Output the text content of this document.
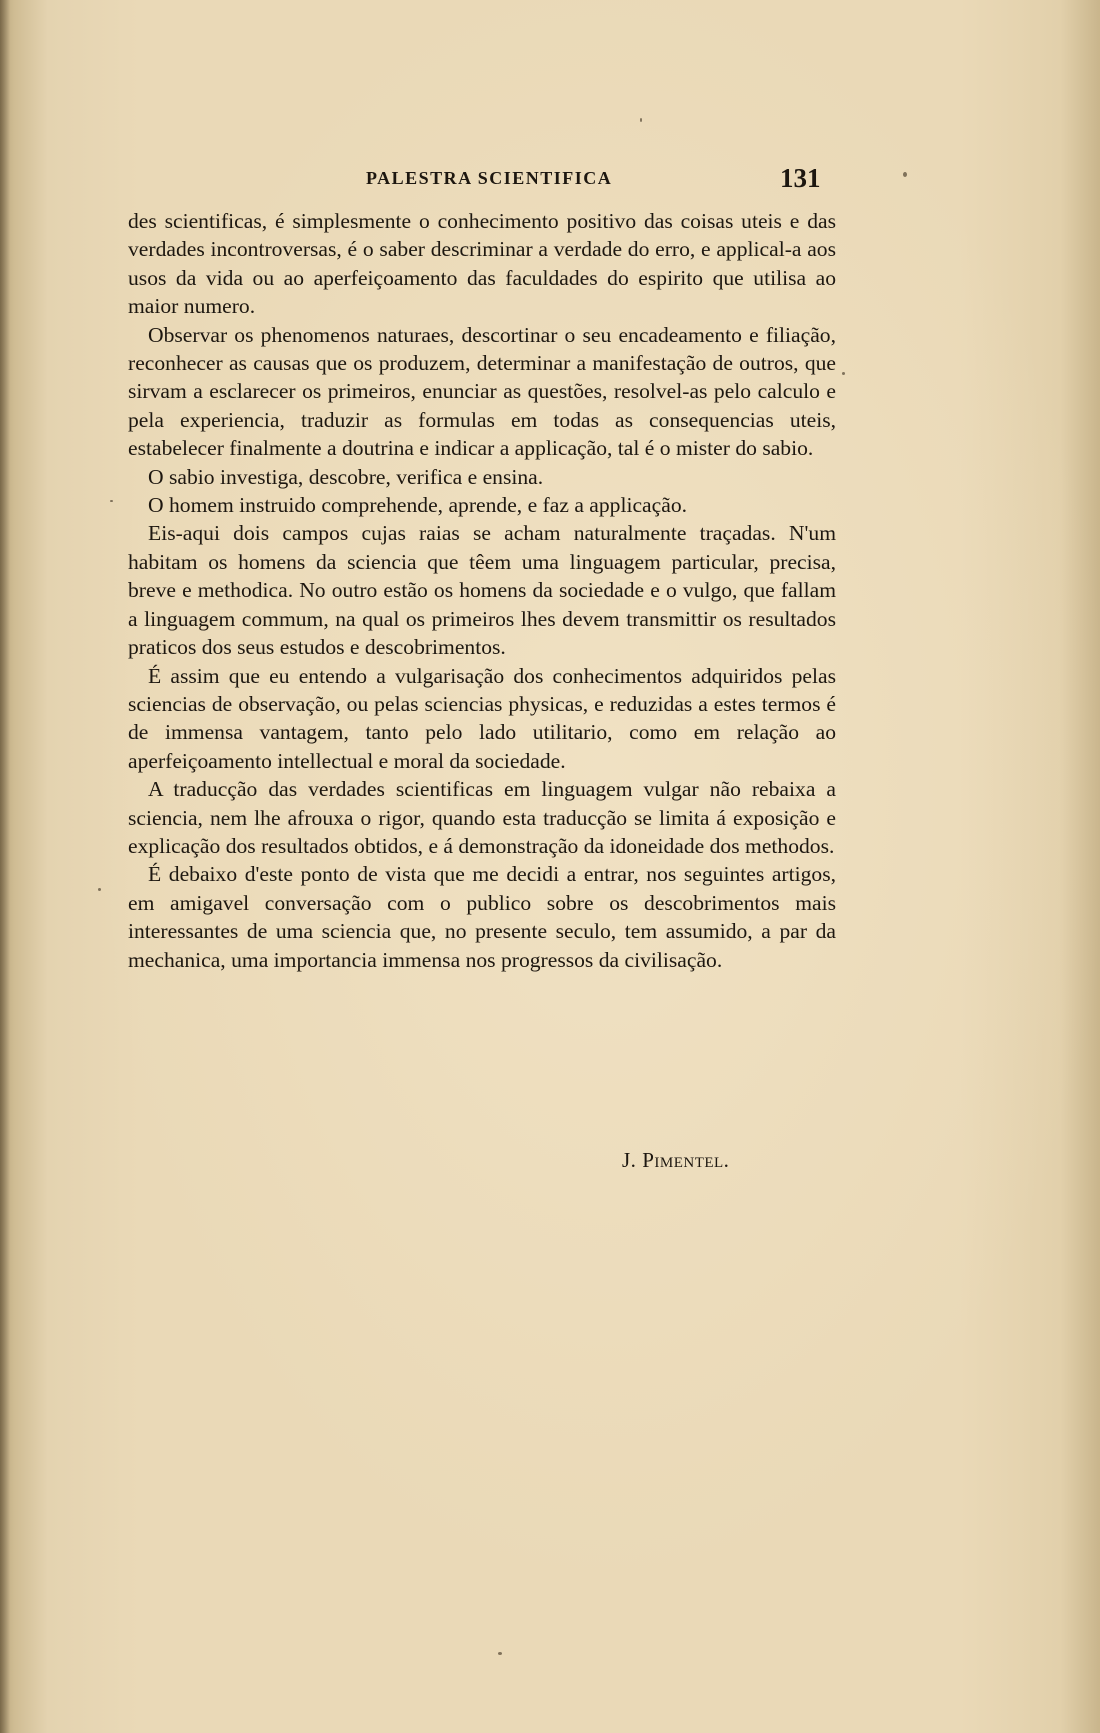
PALESTRA SCIENTIFICA	131

des scientificas, é simplesmente o conhecimento positivo das coisas uteis e das verdades incontroversas, é o saber descriminar a verdade do erro, e applical-a aos usos da vida ou ao aperfeiçoamento das faculdades do espirito que utilisa ao maior numero.

Observar os phenomenos naturaes, descortinar o seu encadeamento e filiação, reconhecer as causas que os produzem, determinar a manifestação de outros, que sirvam a esclarecer os primeiros, enunciar as questões, resolvel-as pelo calculo e pela experiencia, traduzir as formulas em todas as consequencias uteis, estabelecer finalmente a doutrina e indicar a applicação, tal é o mister do sabio.

O sabio investiga, descobre, verifica e ensina.

O homem instruido comprehende, aprende, e faz a applicação.

Eis-aqui dois campos cujas raias se acham naturalmente traçadas. N'um habitam os homens da sciencia que têem uma linguagem particular, precisa, breve e methodica. No outro estão os homens da sociedade e o vulgo, que fallam a linguagem commum, na qual os primeiros lhes devem transmittir os resultados praticos dos seus estudos e descobrimentos.

É assim que eu entendo a vulgarisação dos conhecimentos adquiridos pelas sciencias de observação, ou pelas sciencias physicas, e reduzidas a estes termos é de immensa vantagem, tanto pelo lado utilitario, como em relação ao aperfeiçoamento intellectual e moral da sociedade.

A traducção das verdades scientificas em linguagem vulgar não rebaixa a sciencia, nem lhe afrouxa o rigor, quando esta traducção se limita á exposição e explicação dos resultados obtidos, e á demonstração da idoneidade dos methodos.

É debaixo d'este ponto de vista que me decidi a entrar, nos seguintes artigos, em amigavel conversação com o publico sobre os descobrimentos mais interessantes de uma sciencia que, no presente seculo, tem assumido, a par da mechanica, uma importancia immensa nos progressos da civilisação.

J. Pimentel.
